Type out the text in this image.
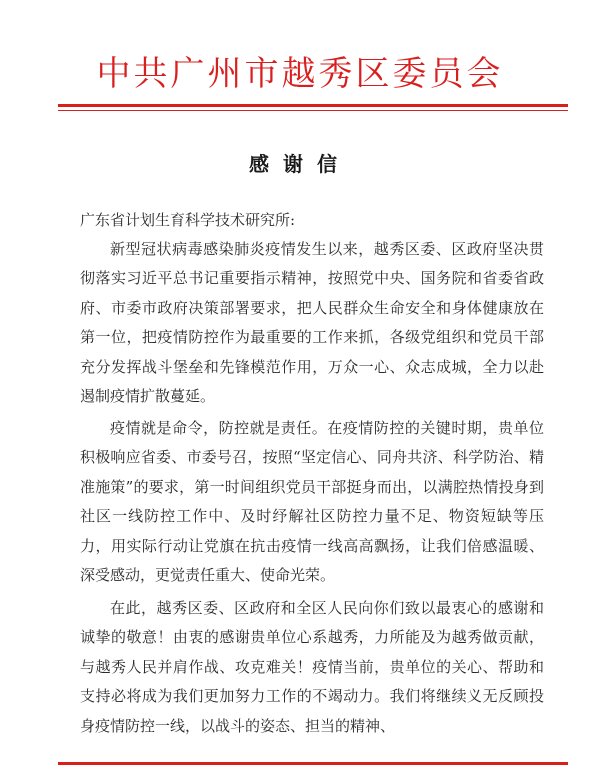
中共广州市越秀区委员会
感谢信
广东省计划生育科学技术研究所:

新型冠状病毒感染肺炎疫情发生以来，越秀区委、区政府坚决贯彻落实习近平总书记重要指示精神，按照党中央、国务院和省委省政府、市委市政府决策部署要求，把人民群众生命安全和身体健康放在第一位，把疫情防控作为最重要的工作来抓，各级党组织和党员干部充分发挥战斗堡垒和先锋模范作用，万众一心、众志成城，全力以赴遏制疫情扩散蔓延。

疫情就是命令，防控就是责任。在疫情防控的关键时期，贵单位积极响应省委、市委号召，按照“坚定信心、同舟共济、科学防治、精准施策”的要求，第一时间组织党员干部挺身而出，以满腔热情投身到社区一线防控工作中、及时纾解社区防控力量不足、物资短缺等压力，用实际行动让党旗在抗击疫情一线高高飘扬，让我们倍感温暖、深受感动，更觉责任重大、使命光荣。

在此，越秀区委、区政府和全区人民向你们致以最衷心的感谢和诚挚的敬意！由衷的感谢贵单位心系越秀，力所能及为越秀做贡献，与越秀人民并肩作战、攻克难关！疫情当前，贵单位的关心、帮助和支持必将成为我们更加努力工作的不竭动力。我们将继续义无反顾投身疫情防控一线，以战斗的姿态、担当的精神、
